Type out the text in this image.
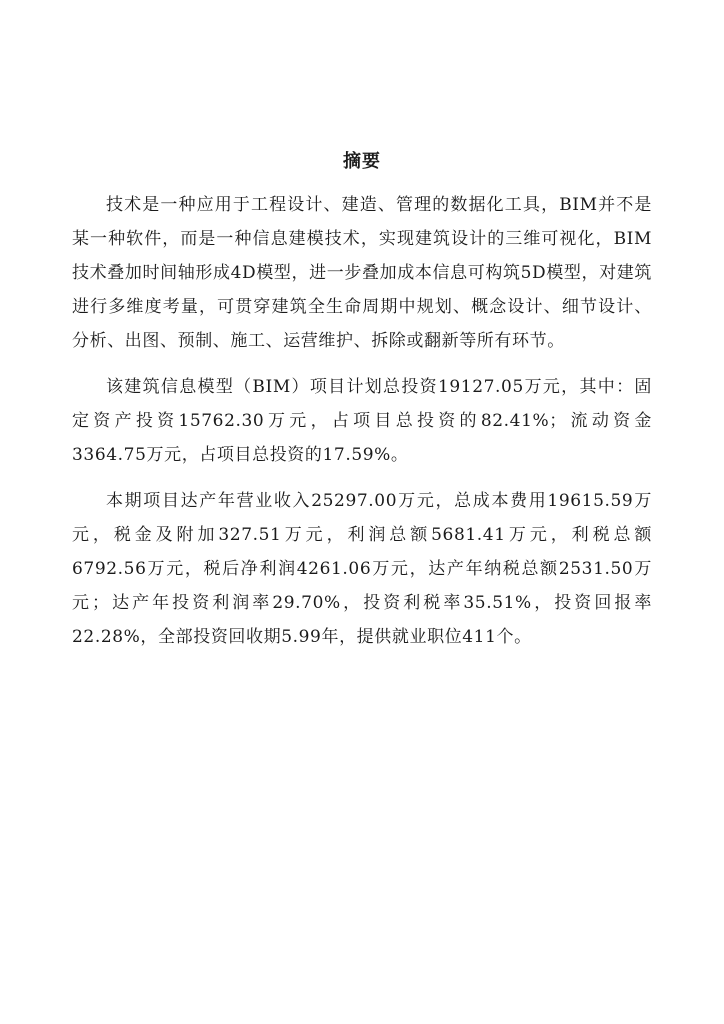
摘要

技术是一种应用于工程设计、建造、管理的数据化工具，BIM并不是某一种软件，而是一种信息建模技术，实现建筑设计的三维可视化，BIM技术叠加时间轴形成4D模型，进一步叠加成本信息可构筑5D模型，对建筑进行多维度考量，可贯穿建筑全生命周期中规划、概念设计、细节设计、分析、出图、预制、施工、运营维护、拆除或翻新等所有环节。

该建筑信息模型（BIM）项目计划总投资19127.05万元，其中：固定资产投资15762.30万元，占项目总投资的82.41%；流动资金3364.75万元，占项目总投资的17.59%。

本期项目达产年营业收入25297.00万元，总成本费用19615.59万元，税金及附加327.51万元，利润总额5681.41万元，利税总额6792.56万元，税后净利润4261.06万元，达产年纳税总额2531.50万元；达产年投资利润率29.70%，投资利税率35.51%，投资回报率22.28%，全部投资回收期5.99年，提供就业职位411个。
